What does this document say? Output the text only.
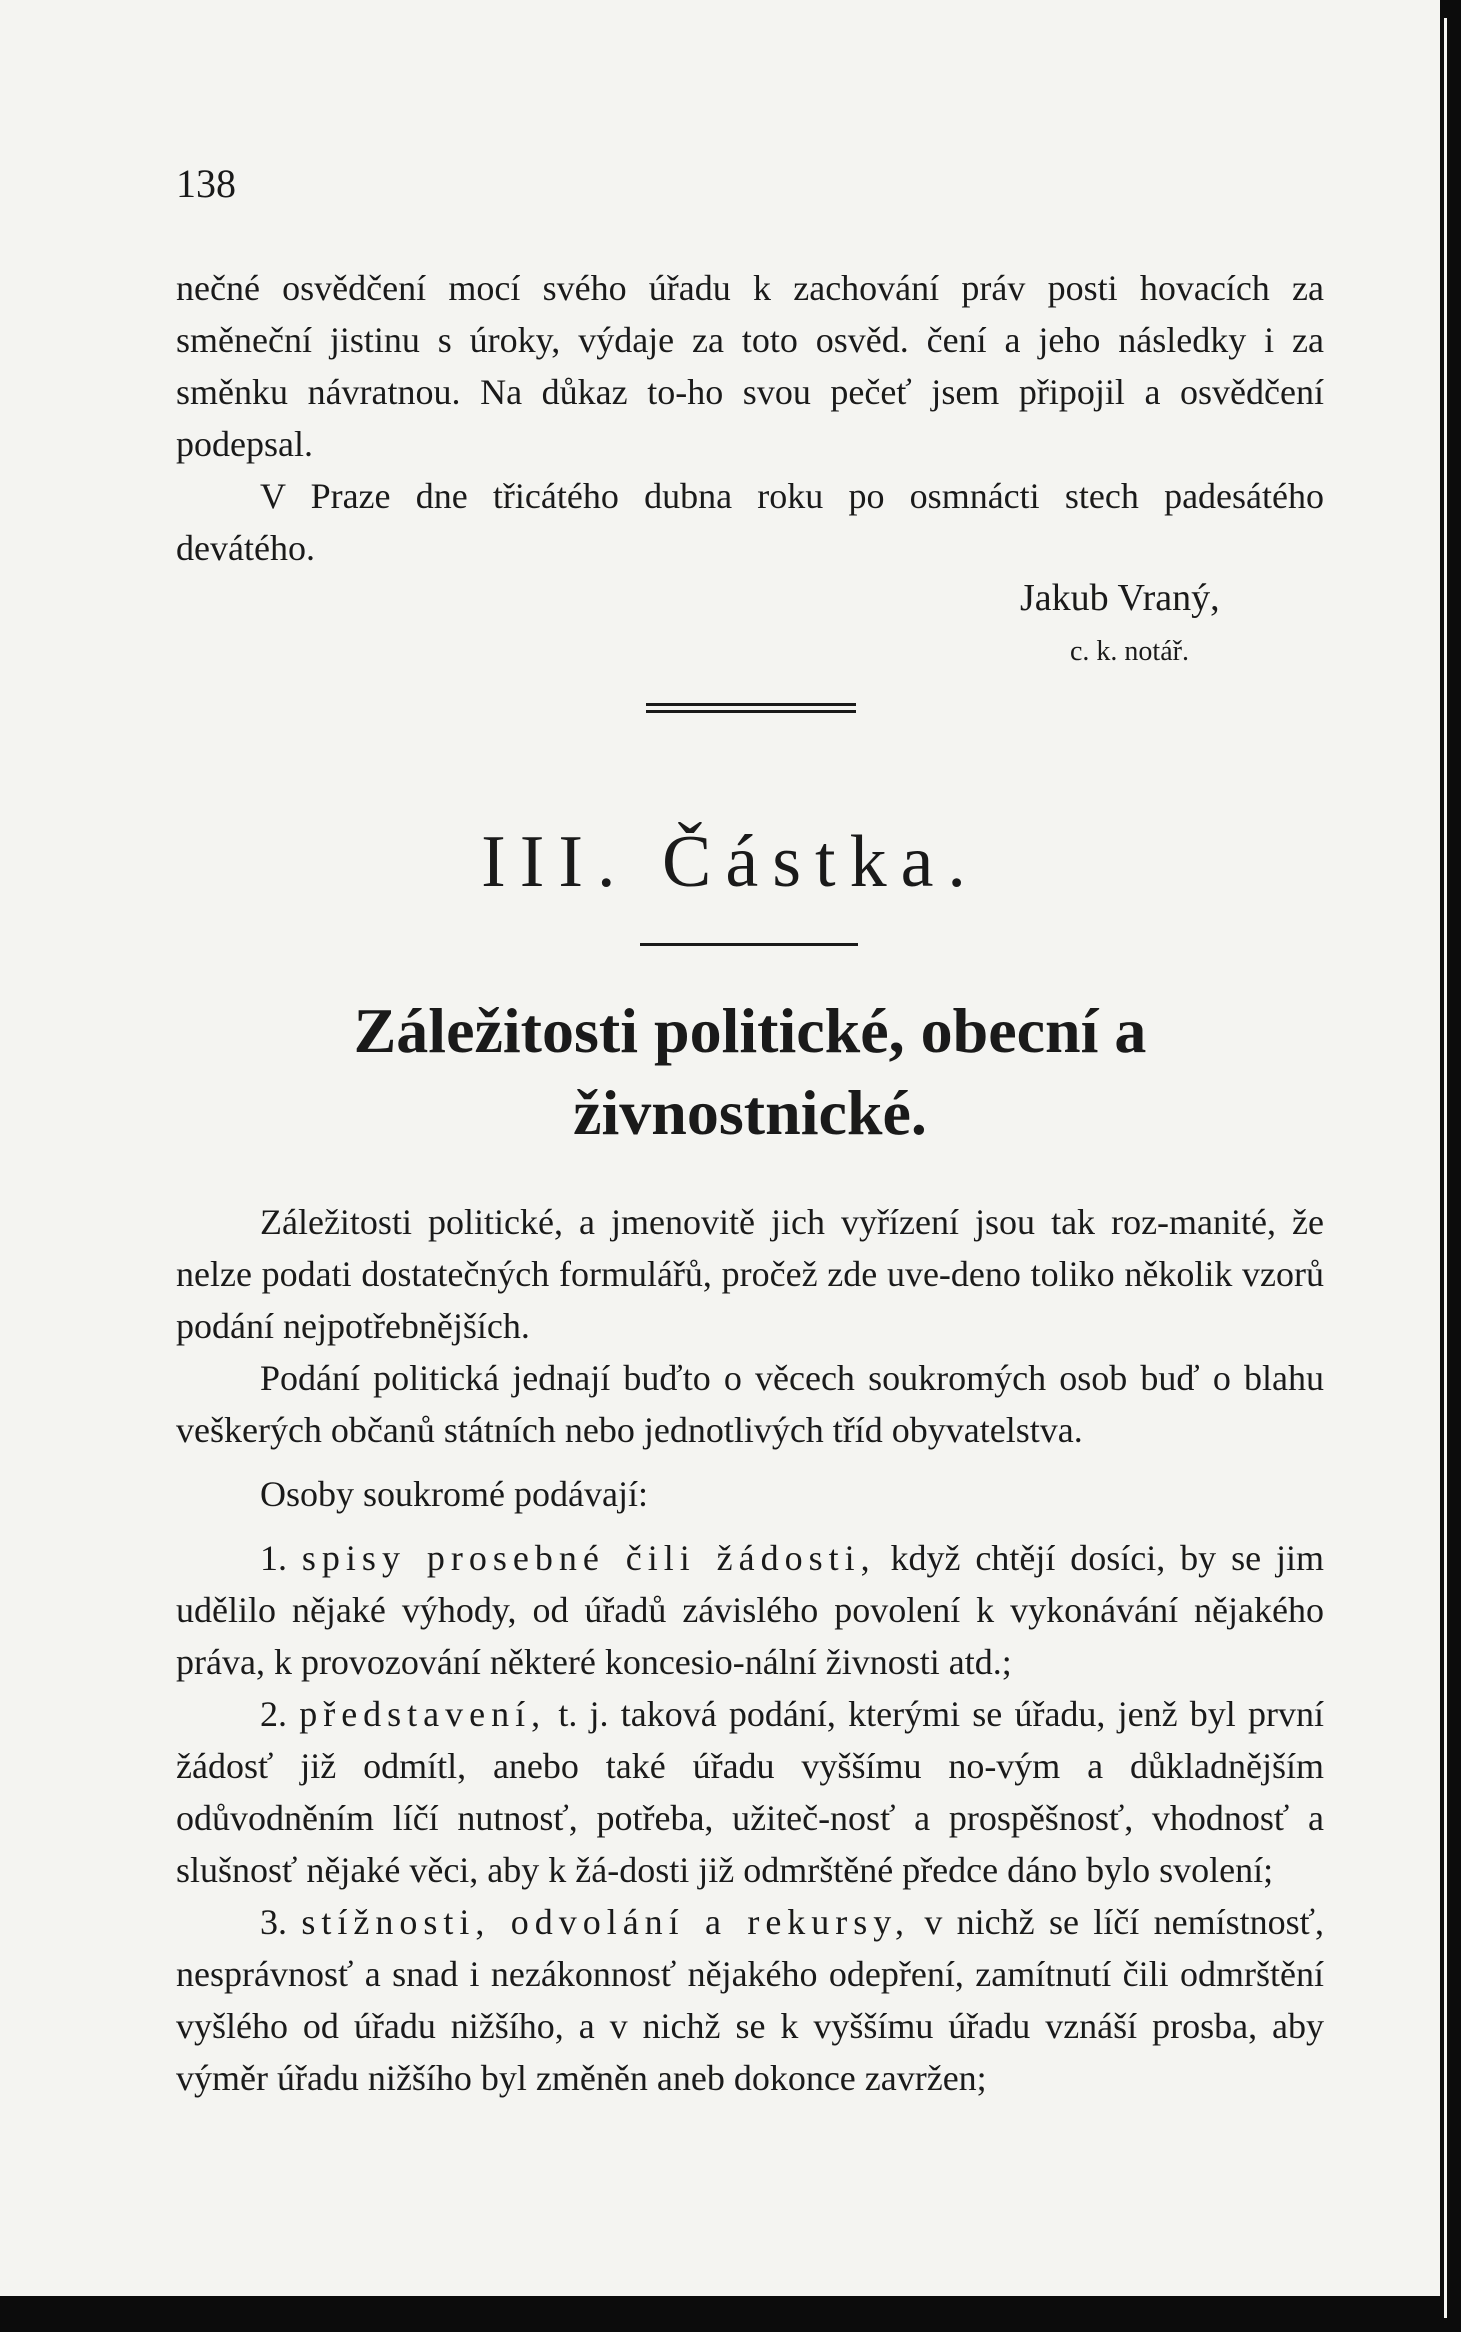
138

nečné osvědčení mocí svého úřadu k zachování práv posti hovacích za směneční jistinu s úroky, výdaje za toto osvěd. čení a jeho následky i za směnku návratnou. Na důkaz to-ho svou pečeť jsem připojil a osvědčení podepsal.

V Praze dne třicátého dubna roku po osmnácti stech padesátého devátého.

Jakub Vraný,
c. k. notář.
III. Částka.
Záležitosti politické, obecní a živnostnické.

Záležitosti politické, a jmenovitě jich vyřízení jsou tak roz-manité, že nelze podati dostatečných formulářů, pročež zde uve-deno toliko několik vzorů podání nejpotřebnějších.

Podání politická jednají buďto o věcech soukromých osob buď o blahu veškerých občanů státních nebo jednotlivých tříd obyvatelstva.

Osoby soukromé podávají:

1. spisy prosebné čili žádosti, když chtějí dosíci, by se jim udělilo nějaké výhody, od úřadů závislého povolení k vykonávání nějakého práva, k provozování některé koncesio-nální živnosti atd.;

2. představení, t. j. taková podání, kterými se úřadu, jenž byl první žádosť již odmítl, anebo také úřadu vyššímu no-vým a důkladnějším odůvodněním líčí nutnosť, potřeba, užiteč-nosť a prospěšnosť, vhodnosť a slušnosť nějaké věci, aby k žá-dosti již odmrštěné předce dáno bylo svolení;

3. stížnosti, odvolání a rekursy, v nichž se líčí nemístnosť, nesprávnosť a snad i nezákonnosť nějakého odepření, zamítnutí čili odmrštění vyšlého od úřadu nižšího, a v nichž se k vyššímu úřadu vznáší prosba, aby výměr úřadu nižšího byl změněn aneb dokonce zavržen;
